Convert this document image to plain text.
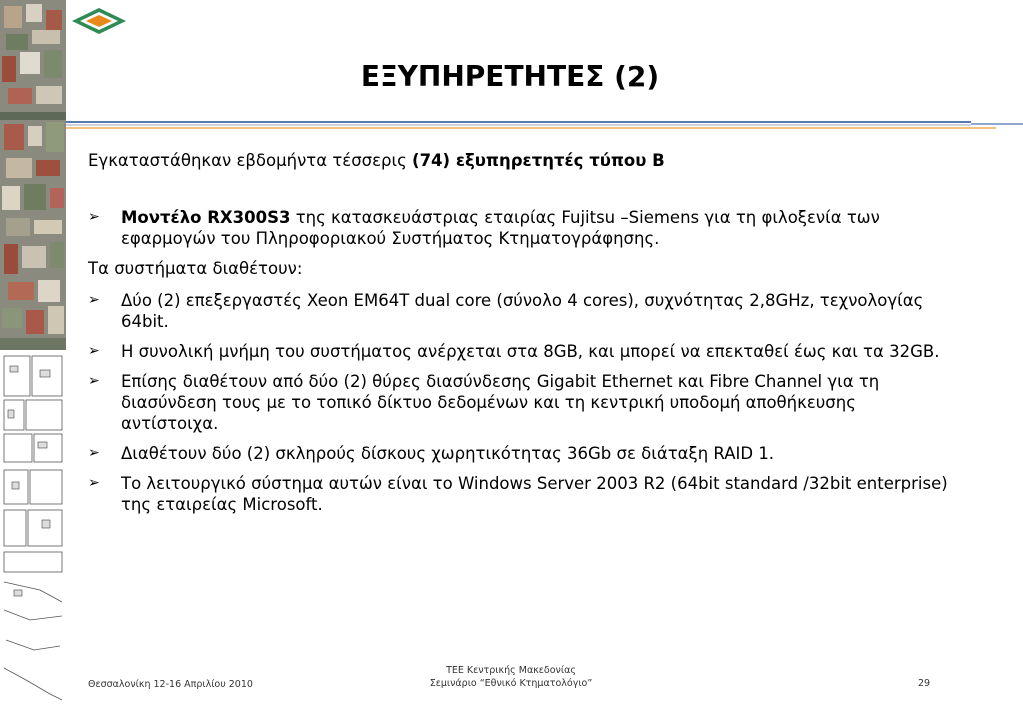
ΕΞΥΠΗΡΕΤΗΤΕΣ (2)
Εγκαταστάθηκαν εβδομήντα τέσσερις (74) εξυπηρετητές τύπου Β
➢ Μοντέλο RX300S3 της κατασκευάστριας εταιρίας Fujitsu –Siemens για τη φιλοξενία των εφαρμογών του Πληροφοριακού Συστήματος Κτηματογράφησης.
Τα συστήματα διαθέτουν:
➢ Δύο (2) επεξεργαστές Xeon EM64T dual core (σύνολο 4 cores), συχνότητας 2,8GHz, τεχνολογίας 64bit.
➢ Η συνολική μνήμη του συστήματος ανέρχεται στα 8GB, και μπορεί να επεκταθεί έως και τα 32GB.
➢ Επίσης διαθέτουν από δύο (2) θύρες διασύνδεσης Gigabit Ethernet και Fibre Channel για τη διασύνδεση τους με το τοπικό δίκτυο δεδομένων και τη κεντρική υποδομή αποθήκευσης αντίστοιχα.
➢ Διαθέτουν δύο (2) σκληρούς δίσκους χωρητικότητας 36Gb σε διάταξη RAID 1.
➢ Το λειτουργικό σύστημα αυτών είναι το Windows Server 2003 R2 (64bit standard /32bit enterprise) της εταιρείας Microsoft.
Θεσσαλονίκη 12-16 Απριλίου 2010
ΤΕΕ Κεντρικής Μακεδονίας
Σεμινάριο “Εθνικό Κτηματολόγιο”	29
